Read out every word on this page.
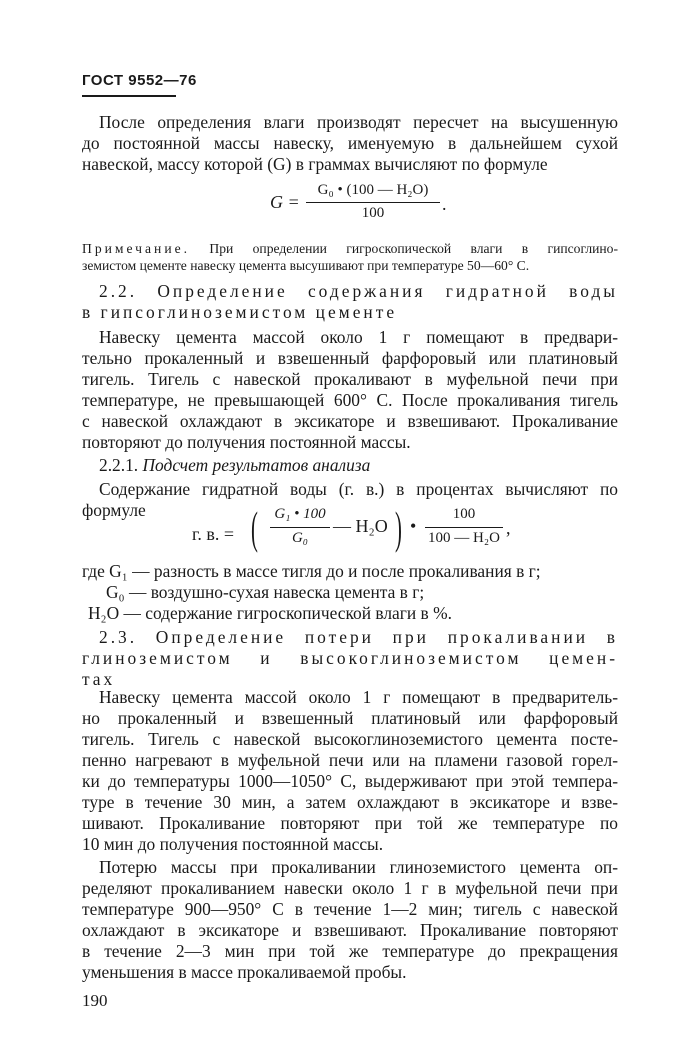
ГОСТ 9552—76
После определения влаги производят пересчет на высушенную
до постоянной массы навеску, именуемую в дальнейшем сухой
навеской, массу которой (G) в граммах вычисляют по формуле
G =
G₀ • (100 — H₂O)
100	.
Примечание. При определении гигроскопической влаги в гипсоглино-
земистом цементе навеску цемента высушивают при температуре 50—60° С.
2.2. Определение содержания гидратной воды
в гипсоглиноземистом цементе
Навеску цемента массой около 1 г помещают в предвари-
тельно прокаленный и взвешенный фарфоровый или платиновый
тигель. Тигель с навеской прокаливают в муфельной печи при
температуре, не превышающей 600° С. После прокаливания тигель
с навеской охлаждают в эксикаторе и взвешивают. Прокаливание
повторяют до получения постоянной массы.
2.2.1. Подсчет результатов анализа
Содержание гидратной воды (г. в.) в процентах вычисляют по
формуле
г. в. = ( G₁ • 100
G₀
— H₂O ) •
100
100 — H₂O ,
где G₁ — разность в массе тигля до и после прокаливания в г;
G₀ — воздушно-сухая навеска цемента в г;
H₂O — содержание гигроскопической влаги в %.
2.3. Определение потери при прокаливании в
глиноземистом и высокоглиноземистом цемен-
тах
Навеску цемента массой около 1 г помещают в предваритель-
но прокаленный и взвешенный платиновый или фарфоровый
тигель. Тигель с навеской высокоглиноземистого цемента посте-
пенно нагревают в муфельной печи или на пламени газовой горел-
ки до температуры 1000—1050° С, выдерживают при этой темпера-
туре в течение 30 мин, а затем охлаждают в эксикаторе и взве-
шивают. Прокаливание повторяют при той же температуре по
10 мин до получения постоянной массы.
Потерю массы при прокаливании глиноземистого цемента оп-
ределяют прокаливанием навески около 1 г в муфельной печи при
температуре 900—950° С в течение 1—2 мин; тигель с навеской
охлаждают в эксикаторе и взвешивают. Прокаливание повторяют
в течение 2—3 мин при той же температуре до прекращения
уменьшения в массе прокаливаемой пробы.
190
